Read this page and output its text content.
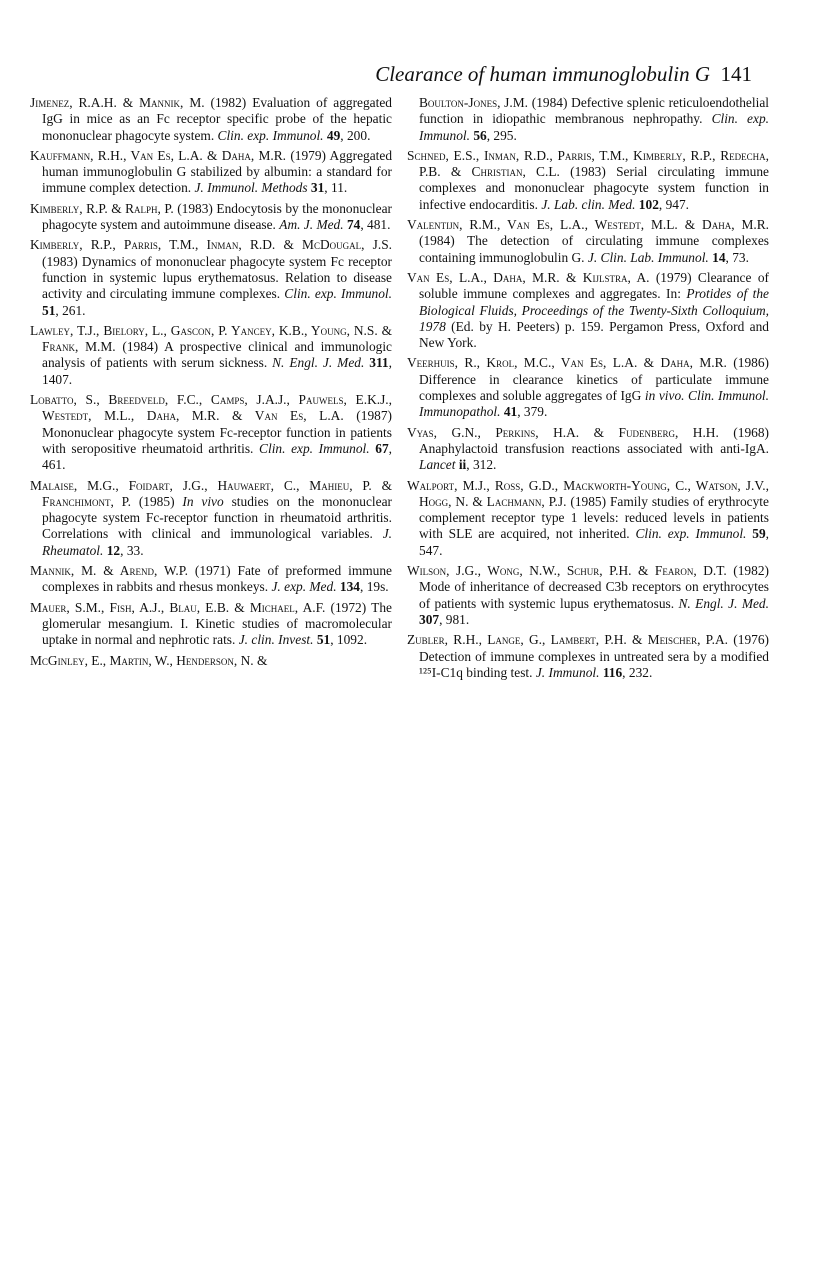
Clearance of human immunoglobulin G 141

Jimenez, R.A.H. & Mannik, M. (1982) Evaluation of aggregated IgG in mice as an Fc receptor specific probe of the hepatic mononuclear phagocyte system. Clin. exp. Immunol. 49, 200.

Kauffmann, R.H., Van Es, L.A. & Daha, M.R. (1979) Aggregated human immunoglobulin G stabilized by albumin: a standard for immune complex detection. J. Immunol. Methods 31, 11.

Kimberly, R.P. & Ralph, P. (1983) Endocytosis by the mononuclear phagocyte system and autoimmune disease. Am. J. Med. 74, 481.

Kimberly, R.P., Parris, T.M., Inman, R.D. & McDougal, J.S. (1983) Dynamics of mononuclear phagocyte system Fc receptor function in systemic lupus erythematosus. Relation to disease activity and circulating immune complexes. Clin. exp. Immunol. 51, 261.

Lawley, T.J., Bielory, L., Gascon, P. Yancey, K.B., Young, N.S. & Frank, M.M. (1984) A prospective clinical and immunologic analysis of patients with serum sickness. N. Engl. J. Med. 311, 1407.

Lobatto, S., Breedveld, F.C., Camps, J.A.J., Pauwels, E.K.J., Westedt, M.L., Daha, M.R. & Van Es, L.A. (1987) Mononuclear phagocyte system Fc-receptor function in patients with seropositive rheumatoid arthritis. Clin. exp. Immunol. 67, 461.

Malaise, M.G., Foidart, J.G., Hauwaert, C., Mahieu, P. & Franchimont, P. (1985) In vivo studies on the mononuclear phagocyte system Fc-receptor function in rheumatoid arthritis. Correlations with clinical and immunological variables. J. Rheumatol. 12, 33.

Mannik, M. & Arend, W.P. (1971) Fate of preformed immune complexes in rabbits and rhesus monkeys. J. exp. Med. 134, 19s.

Mauer, S.M., Fish, A.J., Blau, E.B. & Michael, A.F. (1972) The glomerular mesangium. I. Kinetic studies of macromolecular uptake in normal and nephrotic rats. J. clin. Invest. 51, 1092.

McGinley, E., Martin, W., Henderson, N. &

Boulton-Jones, J.M. (1984) Defective splenic reticuloendothelial function in idiopathic membranous nephropathy. Clin. exp. Immunol. 56, 295.

Schned, E.S., Inman, R.D., Parris, T.M., Kimberly, R.P., Redecha, P.B. & Christian, C.L. (1983) Serial circulating immune complexes and mononuclear phagocyte system function in infective endocarditis. J. Lab. clin. Med. 102, 947.

Valentijn, R.M., Van Es, L.A., Westedt, M.L. & Daha, M.R. (1984) The detection of circulating immune complexes containing immunoglobulin G. J. Clin. Lab. Immunol. 14, 73.

Van Es, L.A., Daha, M.R. & Kijlstra, A. (1979) Clearance of soluble immune complexes and aggregates. In: Protides of the Biological Fluids, Proceedings of the Twenty-Sixth Colloquium, 1978 (Ed. by H. Peeters) p. 159. Pergamon Press, Oxford and New York.

Veerhuis, R., Krol, M.C., Van Es, L.A. & Daha, M.R. (1986) Difference in clearance kinetics of particulate immune complexes and soluble aggregates of IgG in vivo. Clin. Immunol. Immunopathol. 41, 379.

Vyas, G.N., Perkins, H.A. & Fudenberg, H.H. (1968) Anaphylactoid transfusion reactions associated with anti-IgA. Lancet ii, 312.

Walport, M.J., Ross, G.D., Mackworth-Young, C., Watson, J.V., Hogg, N. & Lachmann, P.J. (1985) Family studies of erythrocyte complement receptor type 1 levels: reduced levels in patients with SLE are acquired, not inherited. Clin. exp. Immunol. 59, 547.

Wilson, J.G., Wong, N.W., Schur, P.H. & Fearon, D.T. (1982) Mode of inheritance of decreased C3b receptors on erythrocytes of patients with systemic lupus erythematosus. N. Engl. J. Med. 307, 981.

Zubler, R.H., Lange, G., Lambert, P.H. & Meischer, P.A. (1976) Detection of immune complexes in untreated sera by a modified ¹²⁵I-C1q binding test. J. Immunol. 116, 232.
